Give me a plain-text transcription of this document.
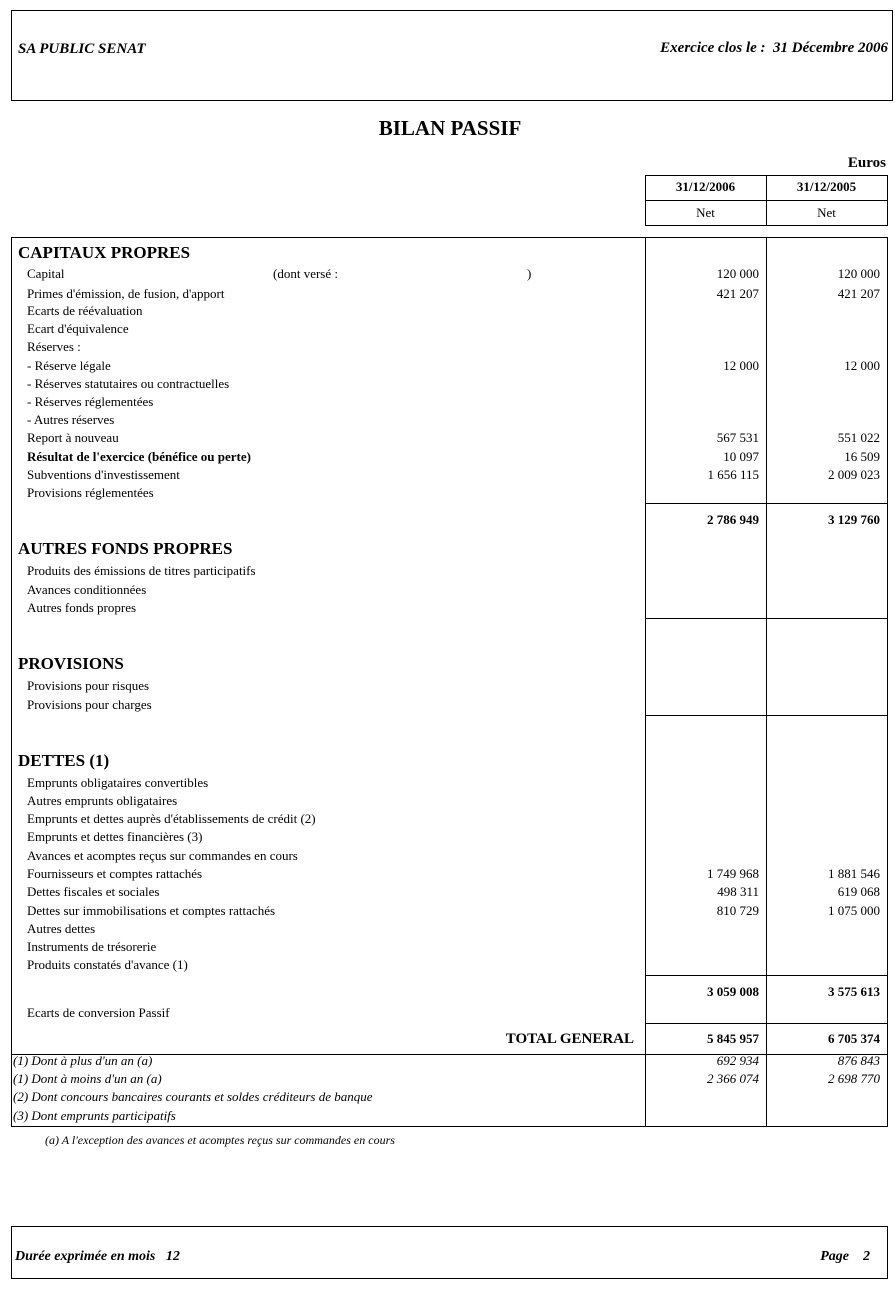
SA PUBLIC SENAT	Exercice clos le : 31 Décembre 2006
BILAN PASSIF
Euros
31/12/2006	31/12/2005
Net	Net
CAPITAUX PROPRES
Capital	(dont versé :	)	120 000	120 000
Primes d'émission, de fusion, d'apport	421 207	421 207
Ecarts de réévaluation
Ecart d'équivalence
Réserves :
- Réserve légale	12 000	12 000
- Réserves statutaires ou contractuelles
- Réserves réglementées
- Autres réserves
Report à nouveau	567 531	551 022
Résultat de l'exercice (bénéfice ou perte)	10 097	16 509
Subventions d'investissement	1 656 115	2 009 023
Provisions réglementées
2 786 949	3 129 760
AUTRES FONDS PROPRES
Produits des émissions de titres participatifs
Avances conditionnées
Autres fonds propres
PROVISIONS
Provisions pour risques
Provisions pour charges
DETTES (1)
Emprunts obligataires convertibles
Autres emprunts obligataires
Emprunts et dettes auprès d'établissements de crédit (2)
Emprunts et dettes financières (3)
Avances et acomptes reçus sur commandes en cours
Fournisseurs et comptes rattachés	1 749 968	1 881 546
Dettes fiscales et sociales	498 311	619 068
Dettes sur immobilisations et comptes rattachés	810 729	1 075 000
Autres dettes
Instruments de trésorerie
Produits constatés d'avance (1)
3 059 008	3 575 613
Ecarts de conversion Passif
TOTAL GENERAL	5 845 957	6 705 374
(1) Dont à plus d'un an (a)	692 934	876 843
(1) Dont à moins d'un an (a)	2 366 074	2 698 770
(2) Dont concours bancaires courants et soldes créditeurs de banque
(3) Dont emprunts participatifs
(a) A l'exception des avances et acomptes reçus sur commandes en cours
Durée exprimée en mois 12	Page 2
